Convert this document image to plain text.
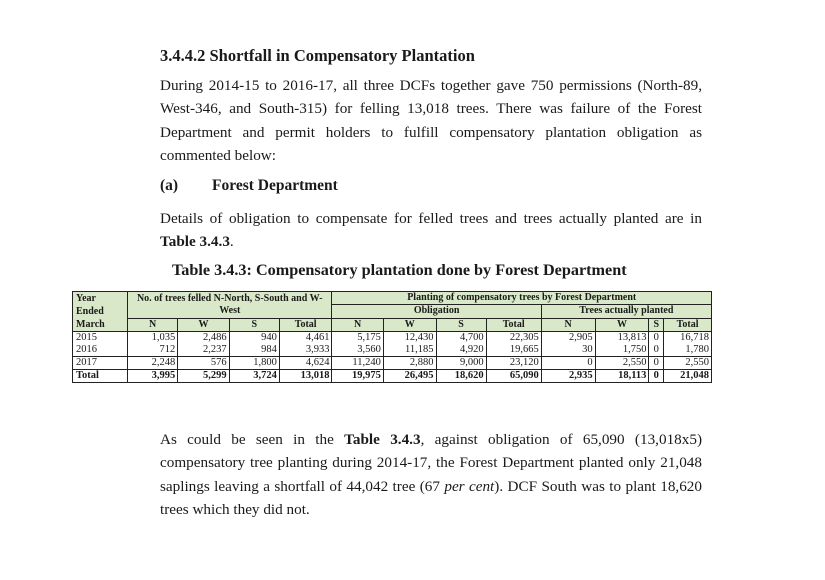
3.4.4.2 Shortfall in Compensatory Plantation
During 2014-15 to 2016-17, all three DCFs together gave 750 permissions (North-89, West-346, and South-315) for felling 13,018 trees. There was failure of the Forest Department and permit holders to fulfill compensatory plantation obligation as commented below:
(a) Forest Department
Details of obligation to compensate for felled trees and trees actually planted are in Table 3.4.3.
Table 3.4.3: Compensatory plantation done by Forest Department
Year Ended March	No. of trees felled N-North, S-South and W-West				Planting of compensatory trees by Forest Department							
					Obligation				Trees actually planted			
	N	W	S	Total	N	W	S	Total	N	W	S	Total
2015	1,035	2,486	940	4,461	5,175	12,430	4,700	22,305	2,905	13,813	0	16,718
2016	712	2,237	984	3,933	3,560	11,185	4,920	19,665	30	1,750	0	1,780
2017	2,248	576	1,800	4,624	11,240	2,880	9,000	23,120	0	2,550	0	2,550
Total	3,995	5,299	3,724	13,018	19,975	26,495	18,620	65,090	2,935	18,113	0	21,048
As could be seen in the Table 3.4.3, against obligation of 65,090 (13,018x5) compensatory tree planting during 2014-17, the Forest Department planted only 21,048 saplings leaving a shortfall of 44,042 tree (67 per cent). DCF South was to plant 18,620 trees which they did not.
